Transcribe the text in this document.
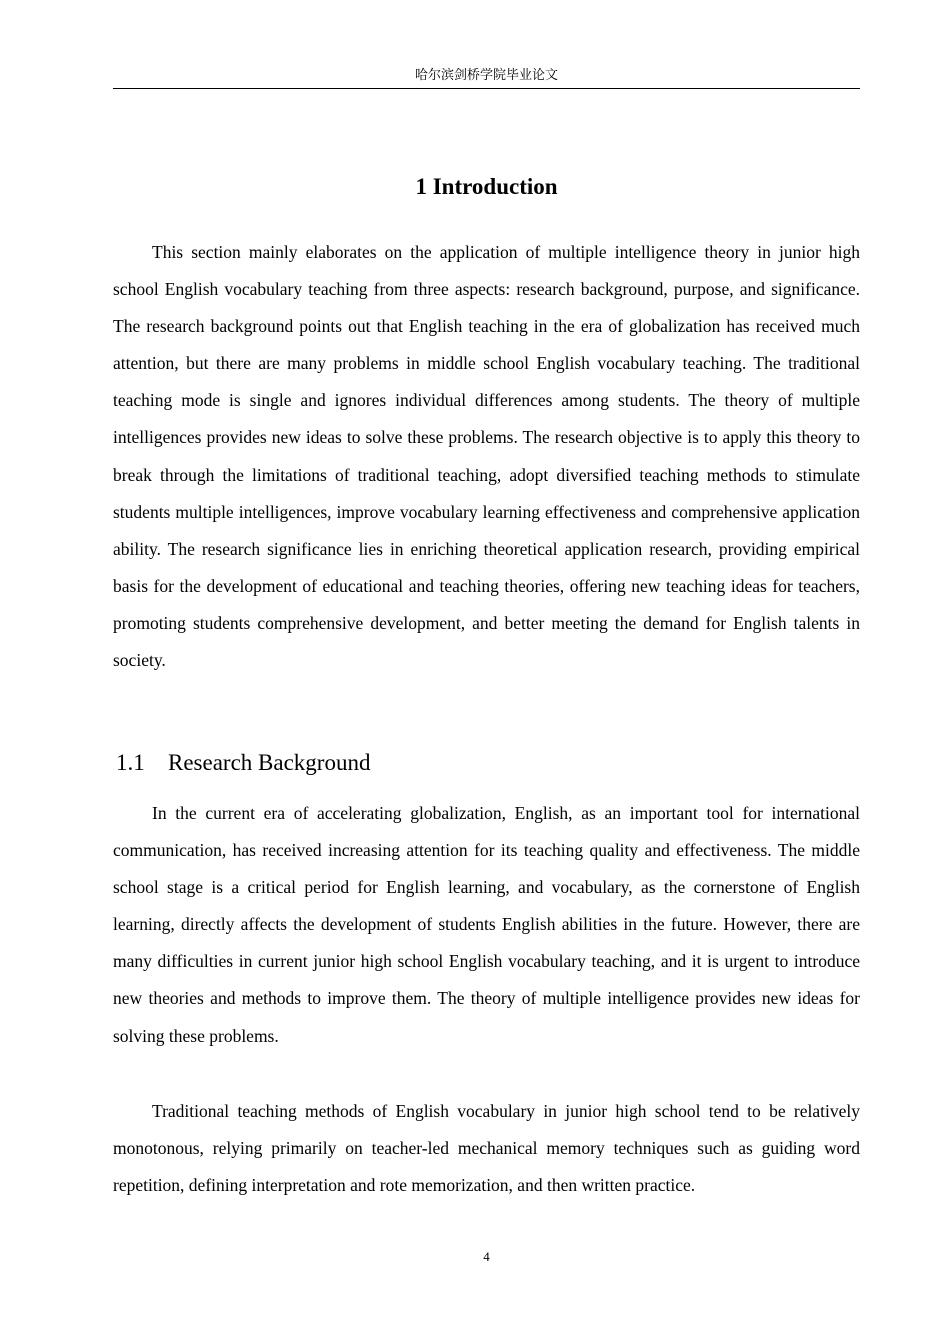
哈尔滨剑桥学院毕业论文
1 Introduction

This section mainly elaborates on the application of multiple intelligence theory in junior high school English vocabulary teaching from three aspects: research background, purpose, and significance. The research background points out that English teaching in the era of globalization has received much attention, but there are many problems in middle school English vocabulary teaching. The traditional teaching mode is single and ignores individual differences among students. The theory of multiple intelligences provides new ideas to solve these problems. The research objective is to apply this theory to break through the limitations of traditional teaching, adopt diversified teaching methods to stimulate students multiple intelligences, improve vocabulary learning effectiveness and comprehensive application ability. The research significance lies in enriching theoretical application research, providing empirical basis for the development of educational and teaching theories, offering new teaching ideas for teachers, promoting students comprehensive development, and better meeting the demand for English talents in society.

1.1 Research Background

In the current era of accelerating globalization, English, as an important tool for international communication, has received increasing attention for its teaching quality and effectiveness. The middle school stage is a critical period for English learning, and vocabulary, as the cornerstone of English learning, directly affects the development of students English abilities in the future. However, there are many difficulties in current junior high school English vocabulary teaching, and it is urgent to introduce new theories and methods to improve them. The theory of multiple intelligence provides new ideas for solving these problems.

Traditional teaching methods of English vocabulary in junior high school tend to be relatively monotonous, relying primarily on teacher-led mechanical memory techniques such as guiding word repetition, defining interpretation and rote memorization, and then written practice.

4
